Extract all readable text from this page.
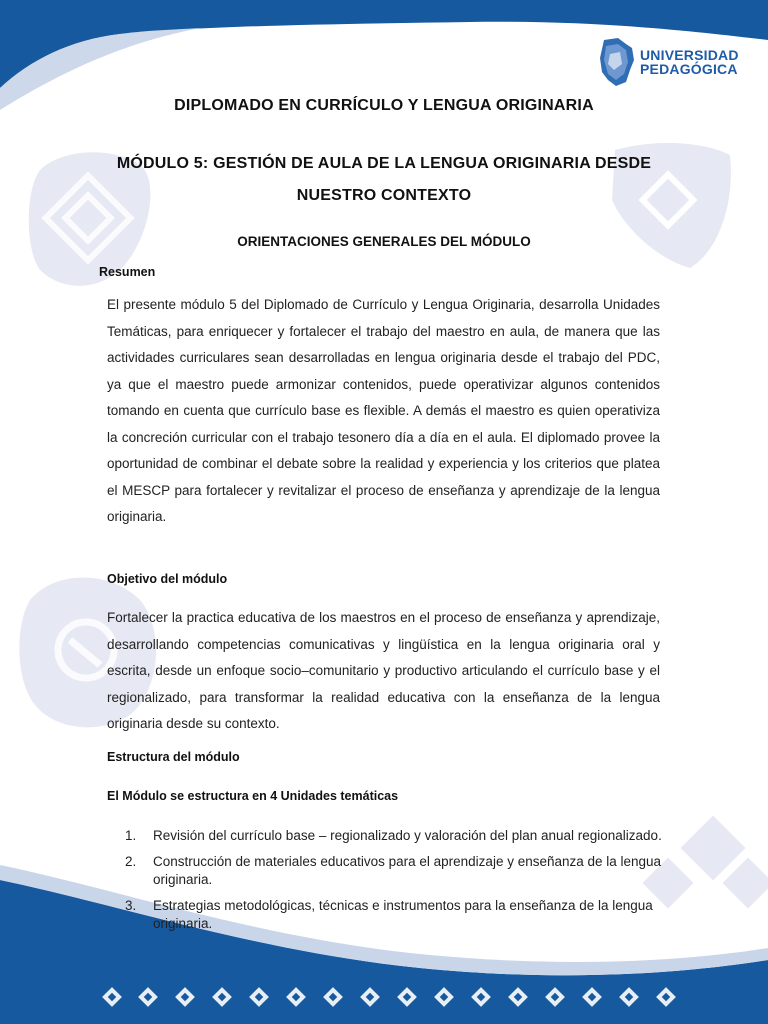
UNIVERSIDAD
PEDAGÓGICA
DIPLOMADO EN CURRÍCULO Y LENGUA ORIGINARIA
MÓDULO 5: GESTIÓN DE AULA DE LA LENGUA ORIGINARIA DESDE NUESTRO CONTEXTO
ORIENTACIONES GENERALES DEL MÓDULO
Resumen
El presente módulo 5 del Diplomado de Currículo y Lengua Originaria, desarrolla Unidades Temáticas, para enriquecer y fortalecer el trabajo del maestro en aula, de manera que las actividades curriculares sean desarrolladas en lengua originaria desde el trabajo del PDC, ya que el maestro puede armonizar contenidos, puede operativizar algunos contenidos tomando en cuenta que currículo base es flexible. A demás el maestro es quien operativiza la concreción curricular con el trabajo tesonero día a día en el aula. El diplomado provee la oportunidad de combinar el debate sobre la realidad y experiencia y los criterios que platea el MESCP para fortalecer y revitalizar el proceso de enseñanza y aprendizaje de la lengua originaria.
Objetivo del módulo
Fortalecer la practica educativa de los maestros en el proceso de enseñanza y aprendizaje, desarrollando competencias comunicativas y lingüística en la lengua originaria oral y escrita, desde un enfoque socio–comunitario y productivo articulando el currículo base y el regionalizado, para transformar la realidad educativa con la enseñanza de la lengua originaria desde su contexto.
Estructura del módulo
El Módulo se estructura en 4 Unidades temáticas
1. Revisión del currículo base – regionalizado y valoración del plan anual regionalizado.
2. Construcción de materiales educativos para el aprendizaje y enseñanza de la lengua originaria.
3. Estrategias metodológicas, técnicas e instrumentos para la enseñanza de la lengua originaria.
